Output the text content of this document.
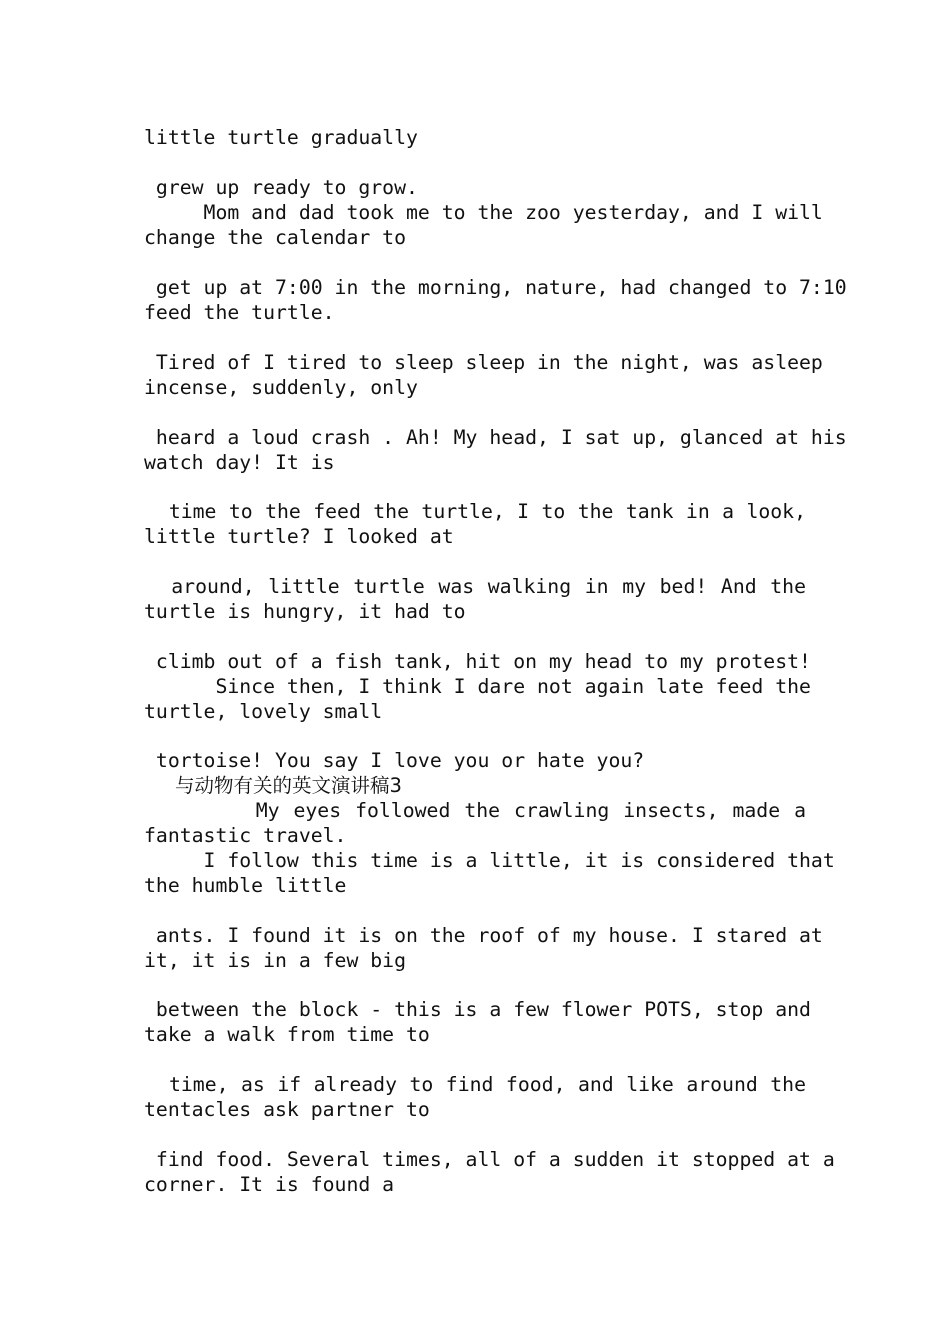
little turtle gradually
grew up ready to grow.
Mom and dad took me to the zoo yesterday, and I will
change the calendar to
get up at 7:00 in the morning, nature, had changed to 7:10
feed the turtle.
Tired of I tired to sleep sleep in the night, was asleep
incense, suddenly, only
heard a loud crash . Ah! My head, I sat up, glanced at his
watch day! It is
time to the feed the turtle, I to the tank in a look,
little turtle? I looked at
around, little turtle was walking in my bed! And the
turtle is hungry, it had to
climb out of a fish tank, hit on my head to my protest!
Since then, I think I dare not again late feed the
turtle, lovely small
tortoise! You say I love you or hate you?
与动物有关的英文演讲稿3
My eyes followed the crawling insects, made a
fantastic travel.
I follow this time is a little, it is considered that
the humble little
ants. I found it is on the roof of my house. I stared at
it, it is in a few big
between the block - this is a few flower POTS, stop and
take a walk from time to
time, as if already to find food, and like around the
tentacles ask partner to
find food. Several times, all of a sudden it stopped at a
corner. It is found a
